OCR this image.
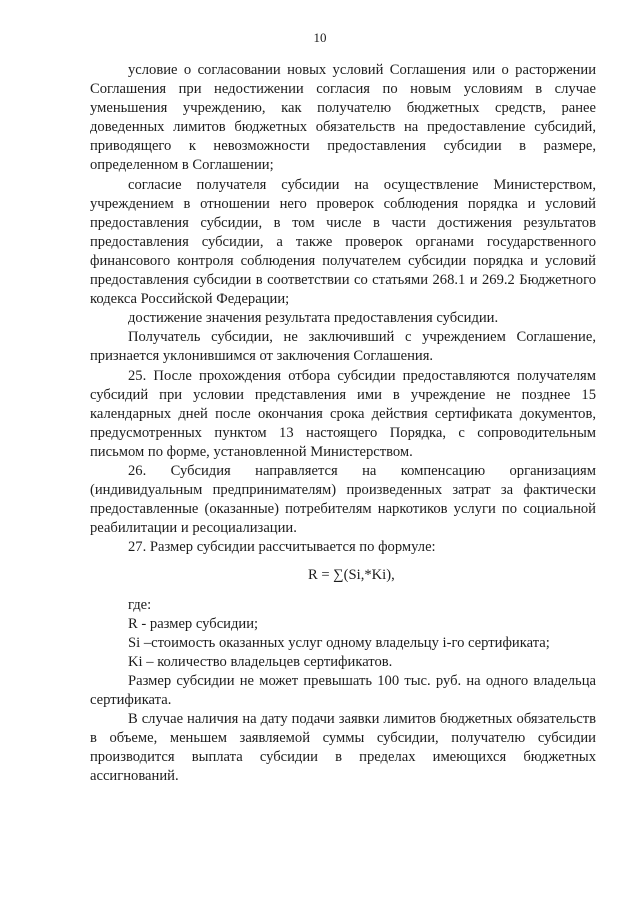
10

условие о согласовании новых условий Соглашения или о расторжении Соглашения при недостижении согласия по новым условиям в случае уменьшения учреждению, как получателю бюджетных средств, ранее доведенных лимитов бюджетных обязательств на предоставление субсидий, приводящего к невозможности предоставления субсидии в размере, определенном в Соглашении;

согласие получателя субсидии на осуществление Министерством, учреждением в отношении него проверок соблюдения порядка и условий предоставления субсидии, в том числе в части достижения результатов предоставления субсидии, а также проверок органами государственного финансового контроля соблюдения получателем субсидии порядка и условий предоставления субсидии в соответствии со статьями 268.1 и 269.2 Бюджетного кодекса Российской Федерации;

достижение значения результата предоставления субсидии.

Получатель субсидии, не заключивший с учреждением Соглашение, признается уклонившимся от заключения Соглашения.

25. После прохождения отбора субсидии предоставляются получателям субсидий при условии представления ими в учреждение не позднее 15 календарных дней после окончания срока действия сертификата документов, предусмотренных пунктом 13 настоящего Порядка, с сопроводительным письмом по форме, установленной Министерством.

26. Субсидия направляется на компенсацию организациям (индивидуальным предпринимателям) произведенных затрат за фактически предоставленные (оказанные) потребителям наркотиков услуги по социальной реабилитации и ресоциализации.

27. Размер субсидии рассчитывается по формуле:

R = ∑(Si,*Ki),

где:

R - размер субсидии;

Si –стоимость оказанных услуг одному владельцу i-го сертификата;

Ki – количество владельцев сертификатов.

Размер субсидии не может превышать 100 тыс. руб. на одного владельца сертификата.

В случае наличия на дату подачи заявки лимитов бюджетных обязательств в объеме, меньшем заявляемой суммы субсидии, получателю субсидии производится выплата субсидии в пределах имеющихся бюджетных ассигнований.
